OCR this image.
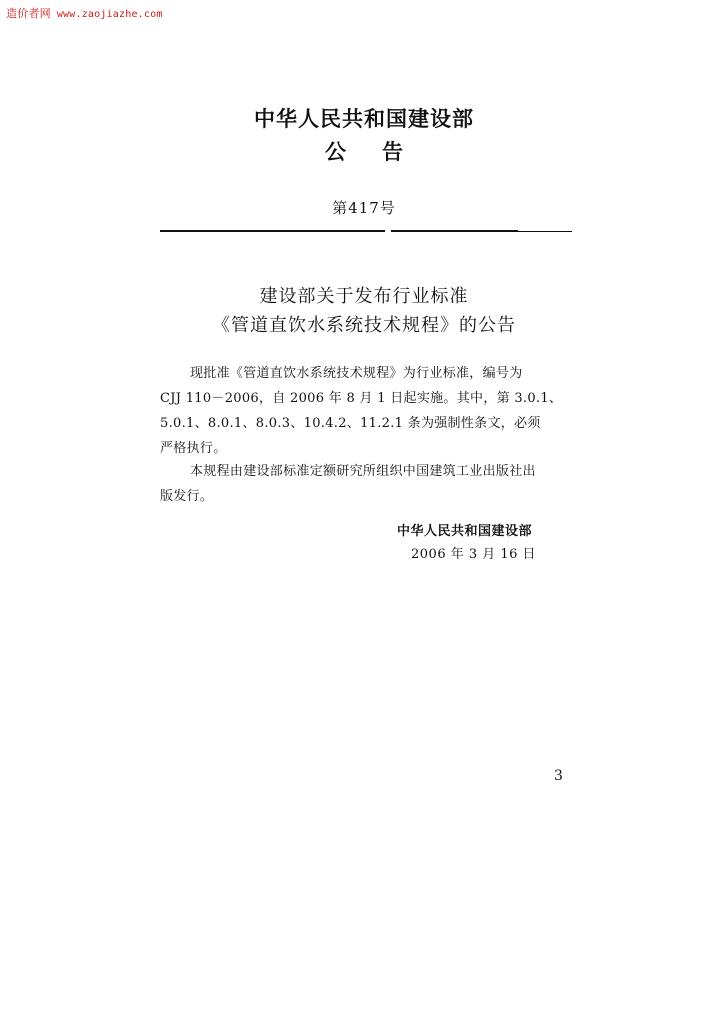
造价者网 www.zaojiazhe.com
中华人民共和国建设部
公告
第417号
建设部关于发布行业标准
《管道直饮水系统技术规程》的公告
现批准《管道直饮水系统技术规程》为行业标准，编号为
CJJ 110－2006，自 2006 年 8 月 1 日起实施。其中，第 3.0.1、
5.0.1、8.0.1、8.0.3、10.4.2、11.2.1 条为强制性条文，必须
严格执行。
本规程由建设部标准定额研究所组织中国建筑工业出版社出
版发行。
中华人民共和国建设部
2006 年 3 月 16 日
3
